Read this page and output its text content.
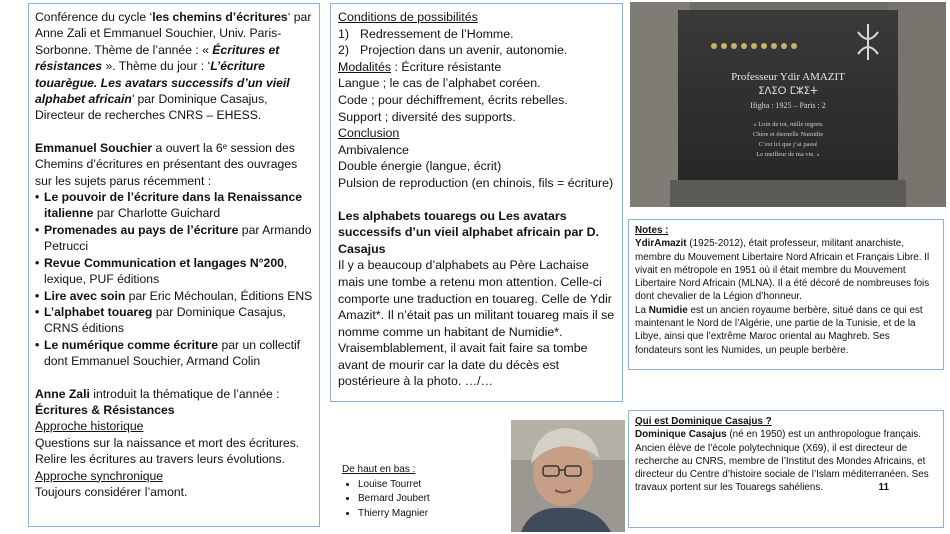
Conférence du cycle ‘les chemins d’écritures‘ par Anne Zali et Emmanuel Souchier, Univ. Paris-Sorbonne. Thème de l’année : « Écritures et résistances ». Thème du jour : ‘L’écriture touarègue. Les avatars successifs d’un vieil alphabet africain’ par Dominique Casajus, Directeur de recherches CNRS – EHESS.

Emmanuel Souchier a ouvert la 6ᵉ session des Chemins d’écritures en présentant des ouvrages sur les sujets parus récemment :

• Le pouvoir de l’écriture dans la Renaissance italienne par Charlotte Guichard
• Promenades au pays de l’écriture par Armando Petrucci
• Revue Communication et langages N°200, lexique, PUF éditions
• Lire avec soin par Eric Méchoulan, Éditions ENS
• L’alphabet touareg par Dominique Casajus, CRNS éditions
• Le numérique comme écriture par un collectif dont Emmanuel Souchier, Armand Colin

Anne Zali introduit la thématique de l’année :

Écritures & Résistances

Approche historique

Questions sur la naissance et mort des écritures.

Relire les écritures au travers leurs évolutions.

Approche synchronique

Toujours considérer l’amont.

Conditions de possibilités

1) Redressement de l’Homme.
2) Projection dans un avenir, autonomie.

Modalités : Écriture résistante

Langue ; le cas de l’alphabet coréen.

Code ; pour déchiffrement, écrits rebelles.

Support ; diversité des supports.

Conclusion

Ambivalence

Double énergie (langue, écrit)

Pulsion de reproduction (en chinois, fils = écriture)

Les alphabets touaregs ou Les avatars successifs d’un vieil alphabet africain par D. Casajus

Il y a beaucoup d’alphabets au Père Lachaise mais une tombe a retenu mon attention. Celle-ci comporte une traduction en touareg. Celle de Ydir Amazit*. Il n’était pas un militant touareg mais il se nomme comme un habitant de Numidie*. Vraisemblablement, il avait fait faire sa tombe avant de mourir car la date du décès est postérieure à la photo. …/…

Professeur Ydir AMAZIT
ⵉⴷⵉⵔ ⵎⵣⵉⵜ
Ifigha : 1925 – Paris : 2
« Loin de toi, mille regrets
Chère et éternelle Numidie
C’est ici que j’ai passé
Le meilleur de ma vie. »

Notes :

YdirAmazit (1925-2012), était professeur, militant anarchiste, membre du Mouvement Libertaire Nord Africain et Français Libre. Il vivait en métropole en 1951 où il était membre du Mouvement Libertaire Nord Africain (MLNA). Il a été décoré de nombreuses fois dont chevalier de la Légion d’honneur.

La Numidie est un ancien royaume berbère, situé dans ce qui est maintenant le Nord de l’Algérie, une partie de la Tunisie, et de la Libye, ainsi que l’extrême Maroc oriental au Maghreb. Ses fondateurs sont les Numides, un peuple berbère.

De haut en bas :

• Louise Tourret
• Bernard Joubert
• Thierry Magnier

Qui est Dominique Casajus ?

Dominique Casajus (né en 1950) est un anthropologue français. Ancien élève de l’école polytechnique (X69), il est directeur de recherche au CNRS, membre de l’Institut des Mondes Africains, et directeur du Centre d’histoire sociale de l’Islam méditerranéen. Ses travaux portent sur les Touaregs sahéliens.	11
